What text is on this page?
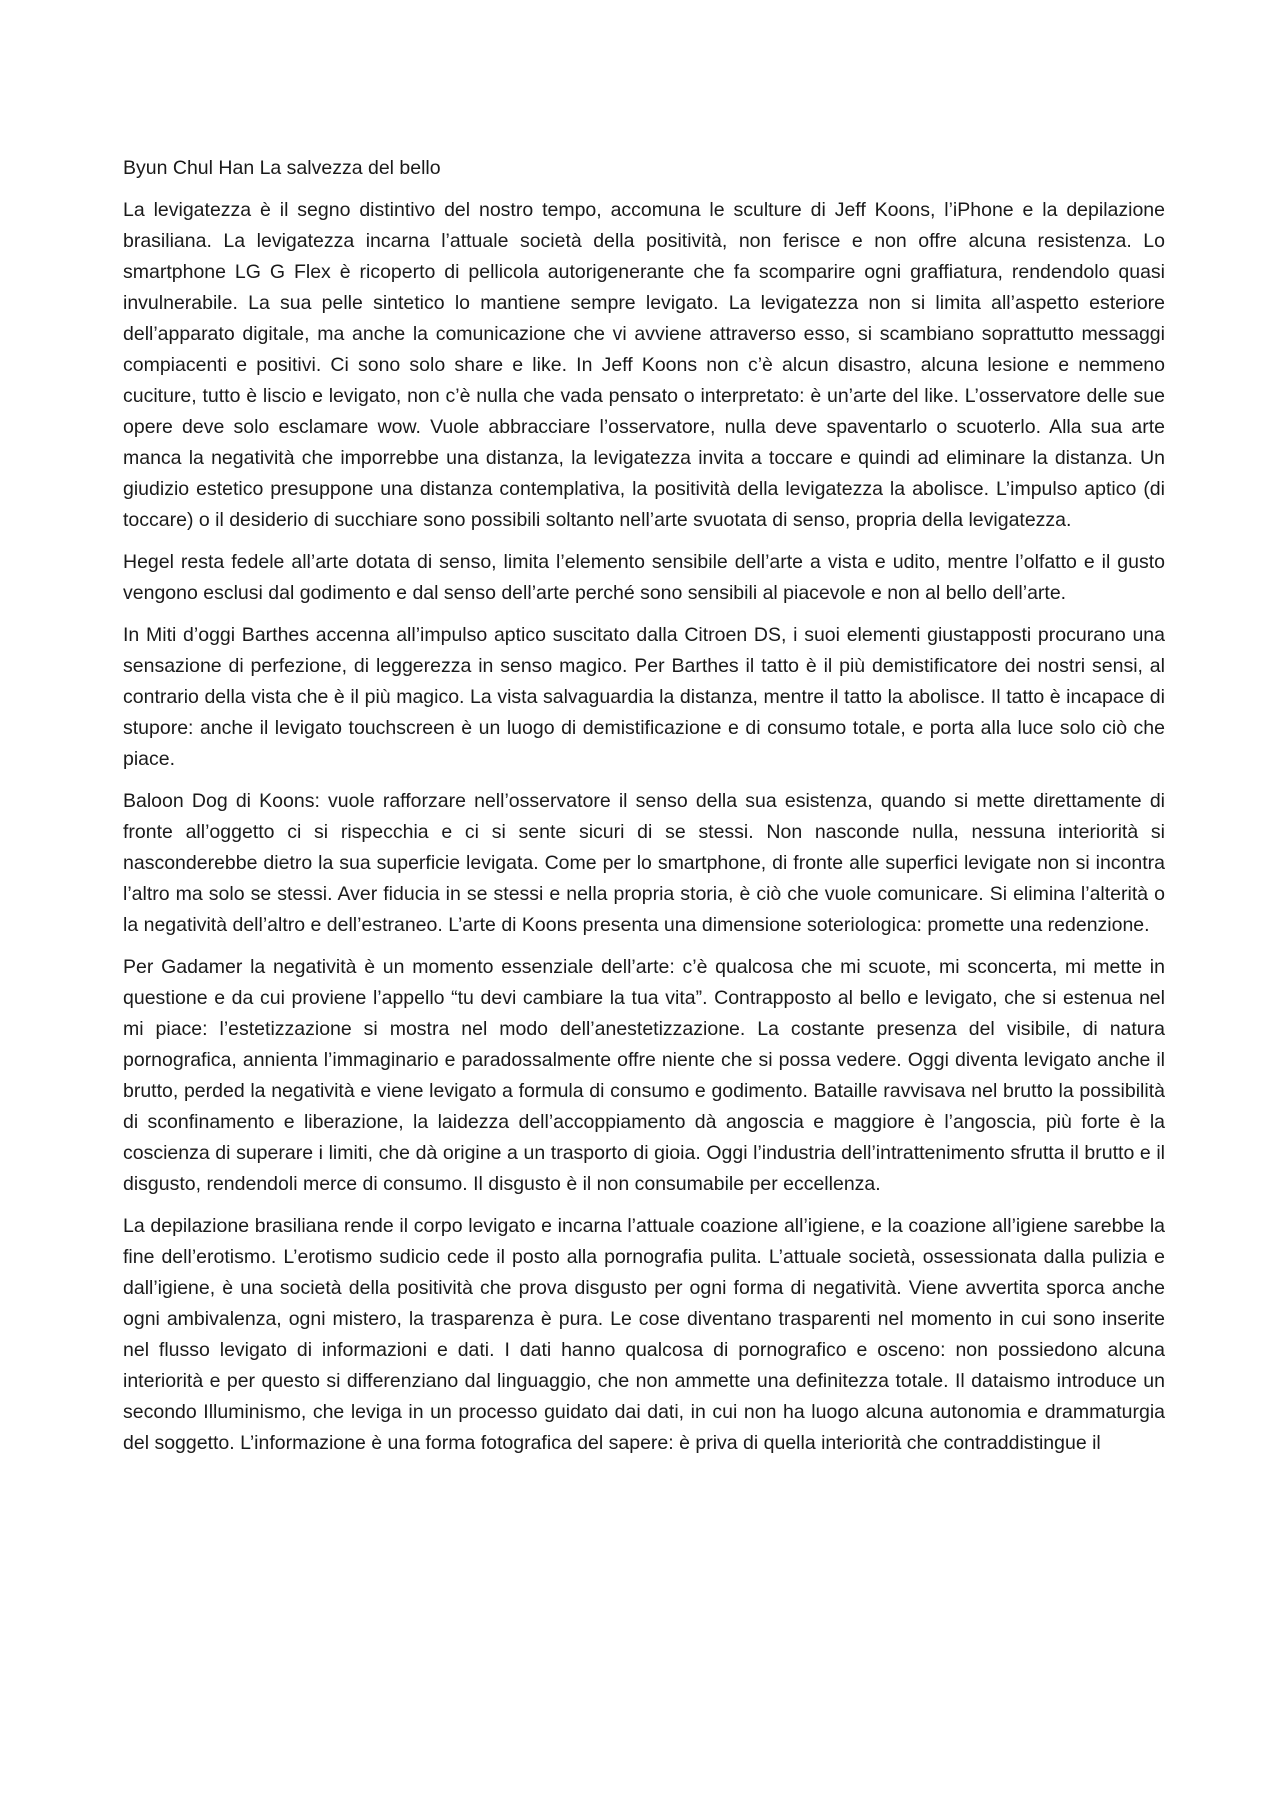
Byun Chul Han La salvezza del bello

La levigatezza è il segno distintivo del nostro tempo, accomuna le sculture di Jeff Koons, l’iPhone e la depilazione brasiliana. La levigatezza incarna l’attuale società della positività, non ferisce e non offre alcuna resistenza. Lo smartphone LG G Flex è ricoperto di pellicola autorigenerante che fa scomparire ogni graffiatura, rendendolo quasi invulnerabile. La sua pelle sintetico lo mantiene sempre levigato. La levigatezza non si limita all’aspetto esteriore dell’apparato digitale, ma anche la comunicazione che vi avviene attraverso esso, si scambiano soprattutto messaggi compiacenti e positivi. Ci sono solo share e like. In Jeff Koons non c’è alcun disastro, alcuna lesione e nemmeno cuciture, tutto è liscio e levigato, non c’è nulla che vada pensato o interpretato: è un’arte del like. L’osservatore delle sue opere deve solo esclamare wow. Vuole abbracciare l’osservatore, nulla deve spaventarlo o scuoterlo. Alla sua arte manca la negatività che imporrebbe una distanza, la levigatezza invita a toccare e quindi ad eliminare la distanza. Un giudizio estetico presuppone una distanza contemplativa, la positività della levigatezza la abolisce. L’impulso aptico (di toccare) o il desiderio di succhiare sono possibili soltanto nell’arte svuotata di senso, propria della levigatezza.

Hegel resta fedele all’arte dotata di senso, limita l’elemento sensibile dell’arte a vista e udito, mentre l’olfatto e il gusto vengono esclusi dal godimento e dal senso dell’arte perché sono sensibili al piacevole e non al bello dell’arte.

In Miti d’oggi Barthes accenna all’impulso aptico suscitato dalla Citroen DS, i suoi elementi giustapposti procurano una sensazione di perfezione, di leggerezza in senso magico. Per Barthes il tatto è il più demistificatore dei nostri sensi, al contrario della vista che è il più magico. La vista salvaguardia la distanza, mentre il tatto la abolisce. Il tatto è incapace di stupore: anche il levigato touchscreen è un luogo di demistificazione e di consumo totale, e porta alla luce solo ciò che piace.

Baloon Dog di Koons: vuole rafforzare nell’osservatore il senso della sua esistenza, quando si mette direttamente di fronte all’oggetto ci si rispecchia e ci si sente sicuri di se stessi. Non nasconde nulla, nessuna interiorità si nasconderebbe dietro la sua superficie levigata. Come per lo smartphone, di fronte alle superfici levigate non si incontra l’altro ma solo se stessi. Aver fiducia in se stessi e nella propria storia, è ciò che vuole comunicare. Si elimina l’alterità o la negatività dell’altro e dell’estraneo. L’arte di Koons presenta una dimensione soteriologica: promette una redenzione.

Per Gadamer la negatività è un momento essenziale dell’arte: c’è qualcosa che mi scuote, mi sconcerta, mi mette in questione e da cui proviene l’appello “tu devi cambiare la tua vita”. Contrapposto al bello e levigato, che si estenua nel mi piace: l’estetizzazione si mostra nel modo dell’anestetizzazione. La costante presenza del visibile, di natura pornografica, annienta l’immaginario e paradossalmente offre niente che si possa vedere. Oggi diventa levigato anche il brutto, perded la negatività e viene levigato a formula di consumo e godimento. Bataille ravvisava nel brutto la possibilità di sconfinamento e liberazione, la laidezza dell’accoppiamento dà angoscia e maggiore è l’angoscia, più forte è la coscienza di superare i limiti, che dà origine a un trasporto di gioia. Oggi l’industria dell’intrattenimento sfrutta il brutto e il disgusto, rendendoli merce di consumo. Il disgusto è il non consumabile per eccellenza.

La depilazione brasiliana rende il corpo levigato e incarna l’attuale coazione all’igiene, e la coazione all’igiene sarebbe la fine dell’erotismo. L’erotismo sudicio cede il posto alla pornografia pulita. L’attuale società, ossessionata dalla pulizia e dall’igiene, è una società della positività che prova disgusto per ogni forma di negatività. Viene avvertita sporca anche ogni ambivalenza, ogni mistero, la trasparenza è pura. Le cose diventano trasparenti nel momento in cui sono inserite nel flusso levigato di informazioni e dati. I dati hanno qualcosa di pornografico e osceno: non possiedono alcuna interiorità e per questo si differenziano dal linguaggio, che non ammette una definitezza totale. Il dataismo introduce un secondo Illuminismo, che leviga in un processo guidato dai dati, in cui non ha luogo alcuna autonomia e drammaturgia del soggetto. L’informazione è una forma fotografica del sapere: è priva di quella interiorità che contraddistingue il
